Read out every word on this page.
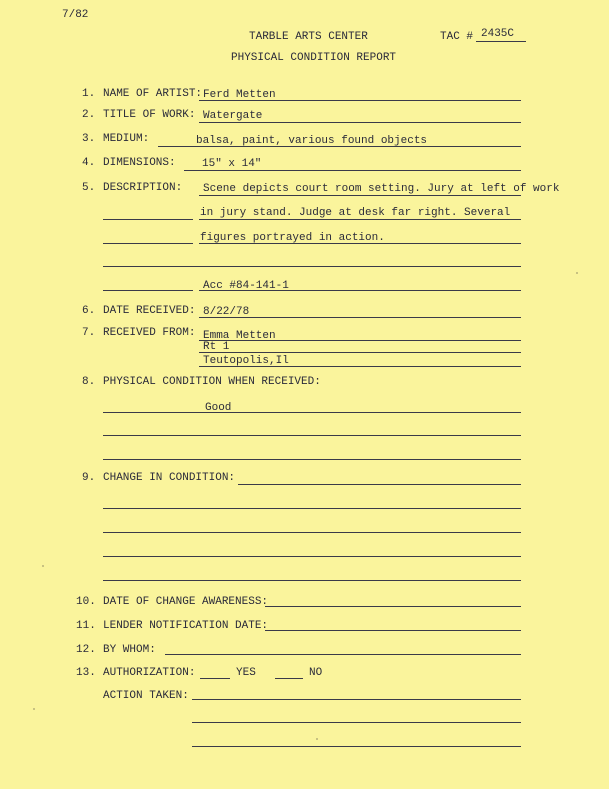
7/82
TARBLE ARTS CENTER	TAC # 2435C
PHYSICAL CONDITION REPORT
1. NAME OF ARTIST: Ferd Metten
2. TITLE OF WORK: Watergate
3. MEDIUM:	balsa, paint, various found objects
4. DIMENSIONS: 15" x 14"
5. DESCRIPTION: Scene depicts court room setting. Jury at left of work
in jury stand. Judge at desk far right. Several
figures portrayed in action.
Acc #84-141-1
6. DATE RECEIVED: 8/22/78
7. RECEIVED FROM: Emma Metten
Rt 1
Teutopolis,Il
8. PHYSICAL CONDITION WHEN RECEIVED:
Good
9. CHANGE IN CONDITION:
10. DATE OF CHANGE AWARENESS:
11. LENDER NOTIFICATION DATE:
12. BY WHOM:
13. AUTHORIZATION:	YES	NO
ACTION TAKEN:
